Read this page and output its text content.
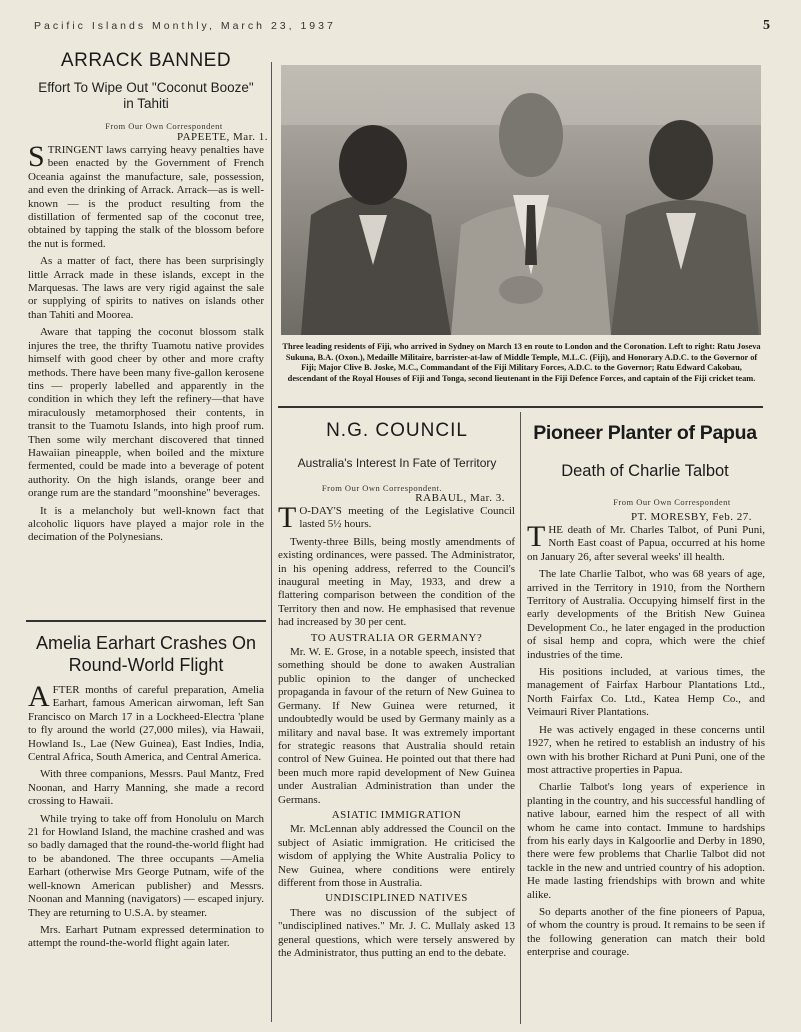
Pacific Islands Monthly, March 23, 1937	5
ARRACK BANNED
Effort To Wipe Out "Coconut Booze" in Tahiti
From Our Own Correspondent
PAPEETE, Mar. 1.

STRINGENT laws carrying heavy penalties have been enacted by the Government of French Oceania against the manufacture, sale, possession, and even the drinking of Arrack. Arrack—as is well-known — is the product resulting from the distillation of fermented sap of the coconut tree, obtained by tapping the stalk of the blossom before the nut is formed.

As a matter of fact, there has been surprisingly little Arrack made in these islands, except in the Marquesas. The laws are very rigid against the sale or supplying of spirits to natives on islands other than Tahiti and Moorea.

Aware that tapping the coconut blossom stalk injures the tree, the thrifty Tuamotu native provides himself with good cheer by other and more crafty methods. There have been many five-gallon kerosene tins — properly labelled and apparently in the condition in which they left the refinery—that have miraculously metamorphosed their contents, in transit to the Tuamotu Islands, into high proof rum. Then some wily merchant discovered that tinned Hawaiian pineapple, when boiled and the mixture fermented, could be made into a beverage of potent authority. On the high islands, orange beer and orange rum are the standard "moonshine" beverages.

It is a melancholy but well-known fact that alcoholic liquors have played a major role in the decimation of the Polynesians.

Amelia Earhart Crashes On Round-World Flight

AFTER months of careful preparation, Amelia Earhart, famous American airwoman, left San Francisco on March 17 in a Lockheed-Electra 'plane to fly around the world (27,000 miles), via Hawaii, Howland Is., Lae (New Guinea), East Indies, India, Central Africa, South America, and Central America.

With three companions, Messrs. Paul Mantz, Fred Noonan, and Harry Manning, she made a record crossing to Hawaii.

While trying to take off from Honolulu on March 21 for Howland Island, the machine crashed and was so badly damaged that the round-the-world flight had to be abandoned. The three occupants —Amelia Earhart (otherwise Mrs George Putnam, wife of the well-known American publisher) and Messrs. Noonan and Manning (navigators) — escaped injury. They are returning to U.S.A. by steamer.

Mrs. Earhart Putnam expressed determination to attempt the round-the-world flight again later.

Three leading residents of Fiji, who arrived in Sydney on March 13 en route to London and the Coronation. Left to right: Ratu Joseva Sukuna, B.A. (Oxon.), Medaille Militaire, barrister-at-law of Middle Temple, M.L.C. (Fiji), and Honorary A.D.C. to the Governor of Fiji; Major Clive B. Joske, M.C., Commandant of the Fiji Military Forces, A.D.C. to the Governor; Ratu Edward Cakobau, descendant of the Royal Houses of Fiji and Tonga, second lieutenant in the Fiji Defence Forces, and captain of the Fiji cricket team.
N.G. COUNCIL
Australia's Interest In Fate of Territory
From Our Own Correspondent.
RABAUL, Mar. 3.

T O-DAY'S meeting of the Legislative Council lasted 5½ hours.

Twenty-three Bills, being mostly amendments of existing ordinances, were passed. The Administrator, in his opening address, referred to the Council's inaugural meeting in May, 1933, and drew a flattering comparison between the condition of the Territory then and now. He emphasised that revenue had increased by 30 per cent.

TO AUSTRALIA OR GERMANY?

Mr. W. E. Grose, in a notable speech, insisted that something should be done to awaken Australian public opinion to the danger of unchecked propaganda in favour of the return of New Guinea to Germany. If New Guinea were returned, it undoubtedly would be used by Germany mainly as a military and naval base. It was extremely important for strategic reasons that Australia should retain control of New Guinea. He pointed out that there had been much more rapid development of New Guinea under Australian Administration than under the Germans.

ASIATIC IMMIGRATION

Mr. McLennan ably addressed the Council on the subject of Asiatic immigration. He criticised the wisdom of applying the White Australia Policy to New Guinea, where conditions were entirely different from those in Australia.

UNDISCIPLINED NATIVES

There was no discussion of the subject of "undisciplined natives." Mr. J. C. Mullaly asked 13 general questions, which were tersely answered by the Administrator, thus putting an end to the debate.

Pioneer Planter of Papua
Death of Charlie Talbot
From Our Own Correspondent
PT. MORESBY, Feb. 27.

THE death of Mr. Charles Talbot, of Puni Puni, North East coast of Papua, occurred at his home on January 26, after several weeks' ill health.

The late Charlie Talbot, who was 68 years of age, arrived in the Territory in 1910, from the Northern Territory of Australia. Occupying himself first in the early developments of the British New Guinea Development Co., he later engaged in the production of sisal hemp and copra, which were the chief industries of the time.

His positions included, at various times, the management of Fairfax Harbour Plantations Ltd., North Fairfax Co. Ltd., Katea Hemp Co., and Veimauri River Plantations.

He was actively engaged in these concerns until 1927, when he retired to establish an industry of his own with his brother Richard at Puni Puni, one of the most attractive properties in Papua.

Charlie Talbot's long years of experience in planting in the country, and his successful handling of native labour, earned him the respect of all with whom he came into contact. Immune to hardships from his early days in Kalgoorlie and Derby in 1890, there were few problems that Charlie Talbot did not tackle in the new and untried country of his adoption. He made lasting friendships with brown and white alike.

So departs another of the fine pioneers of Papua, of whom the country is proud. It remains to be seen if the following generation can match their bold enterprise and courage.
